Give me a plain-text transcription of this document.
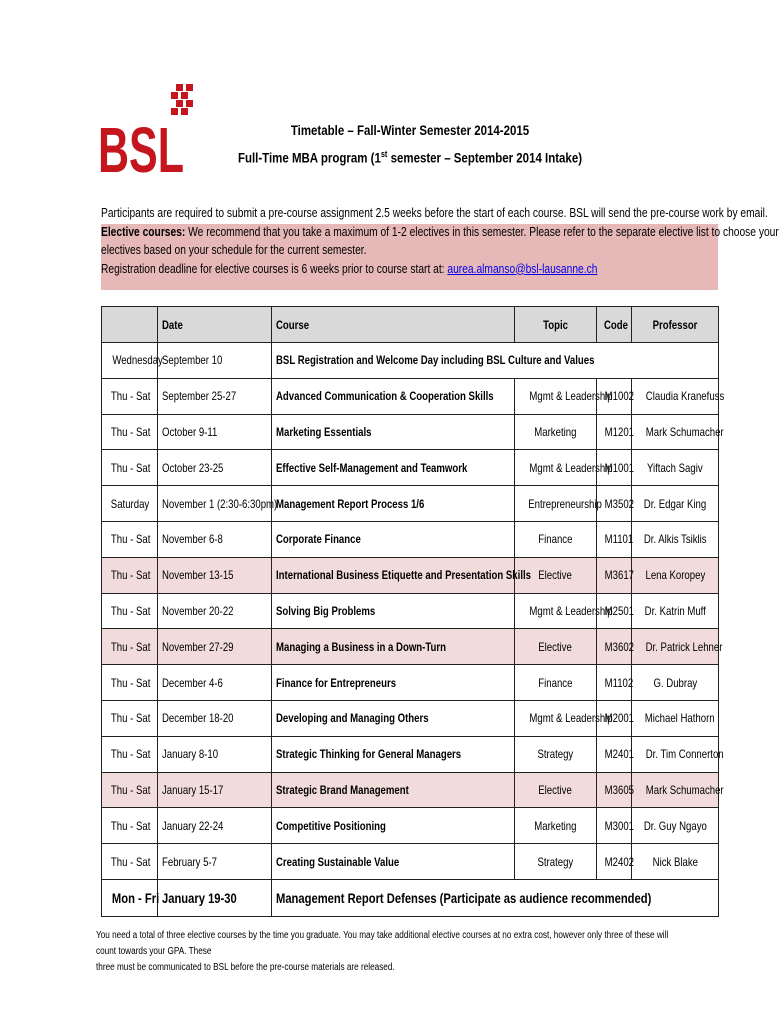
BSL	Timetable – Fall-Winter Semester 2014-2015
Full-Time MBA program (1st semester – September 2014 Intake)
Participants are required to submit a pre-course assignment 2.5 weeks before the start of each course. BSL will send the pre-course work by email.
Elective courses: We recommend that you take a maximum of 1-2 electives in this semester. Please refer to the separate elective list to choose your
electives based on your schedule for the current semester.
Registration deadline for elective courses is 6 weeks prior to course start at: aurea.almanso@bsl-lausanne.ch
	Date	Course	Topic	Code	Professor
Wednesday	September 10	BSL Registration and Welcome Day including BSL Culture and Values			
Thu - Sat	September 25-27	Advanced Communication & Cooperation Skills	Mgmt & Leadership	M1002	Claudia Kranefuss
Thu - Sat	October 9-11	Marketing Essentials	Marketing	M1201	Mark Schumacher
Thu - Sat	October 23-25	Effective Self-Management and Teamwork	Mgmt & Leadership	M1001	Yiftach Sagiv
Saturday	November 1 (2:30-6:30pm)	Management Report Process 1/6	Entrepreneurship	M3502	Dr. Edgar King
Thu - Sat	November 6-8	Corporate Finance	Finance	M1101	Dr. Alkis Tsiklis
Thu - Sat	November 13-15	International Business Etiquette and Presentation Skills	Elective	M3617	Lena Koropey
Thu - Sat	November 20-22	Solving Big Problems	Mgmt & Leadership	M2501	Dr. Katrin Muff
Thu - Sat	November 27-29	Managing a Business in a Down-Turn	Elective	M3602	Dr. Patrick Lehner
Thu - Sat	December 4-6	Finance for Entrepreneurs	Finance	M1102	G. Dubray
Thu - Sat	December 18-20	Developing and Managing Others	Mgmt & Leadership	M2001	Michael Hathorn
Thu - Sat	January 8-10	Strategic Thinking for General Managers	Strategy	M2401	Dr. Tim Connerton
Thu - Sat	January 15-17	Strategic Brand Management	Elective	M3605	Mark Schumacher
Thu - Sat	January 22-24	Competitive Positioning	Marketing	M3001	Dr. Guy Ngayo
Thu - Sat	February 5-7	Creating Sustainable Value	Strategy	M2402	Nick Blake
Mon - Fri	January 19-30	Management Report Defenses (Participate as audience recommended)			
You need a total of three elective courses by the time you graduate. You may take additional elective courses at no extra cost, however only three of these will count towards your GPA. These
three must be communicated to BSL before the pre-course materials are released.
